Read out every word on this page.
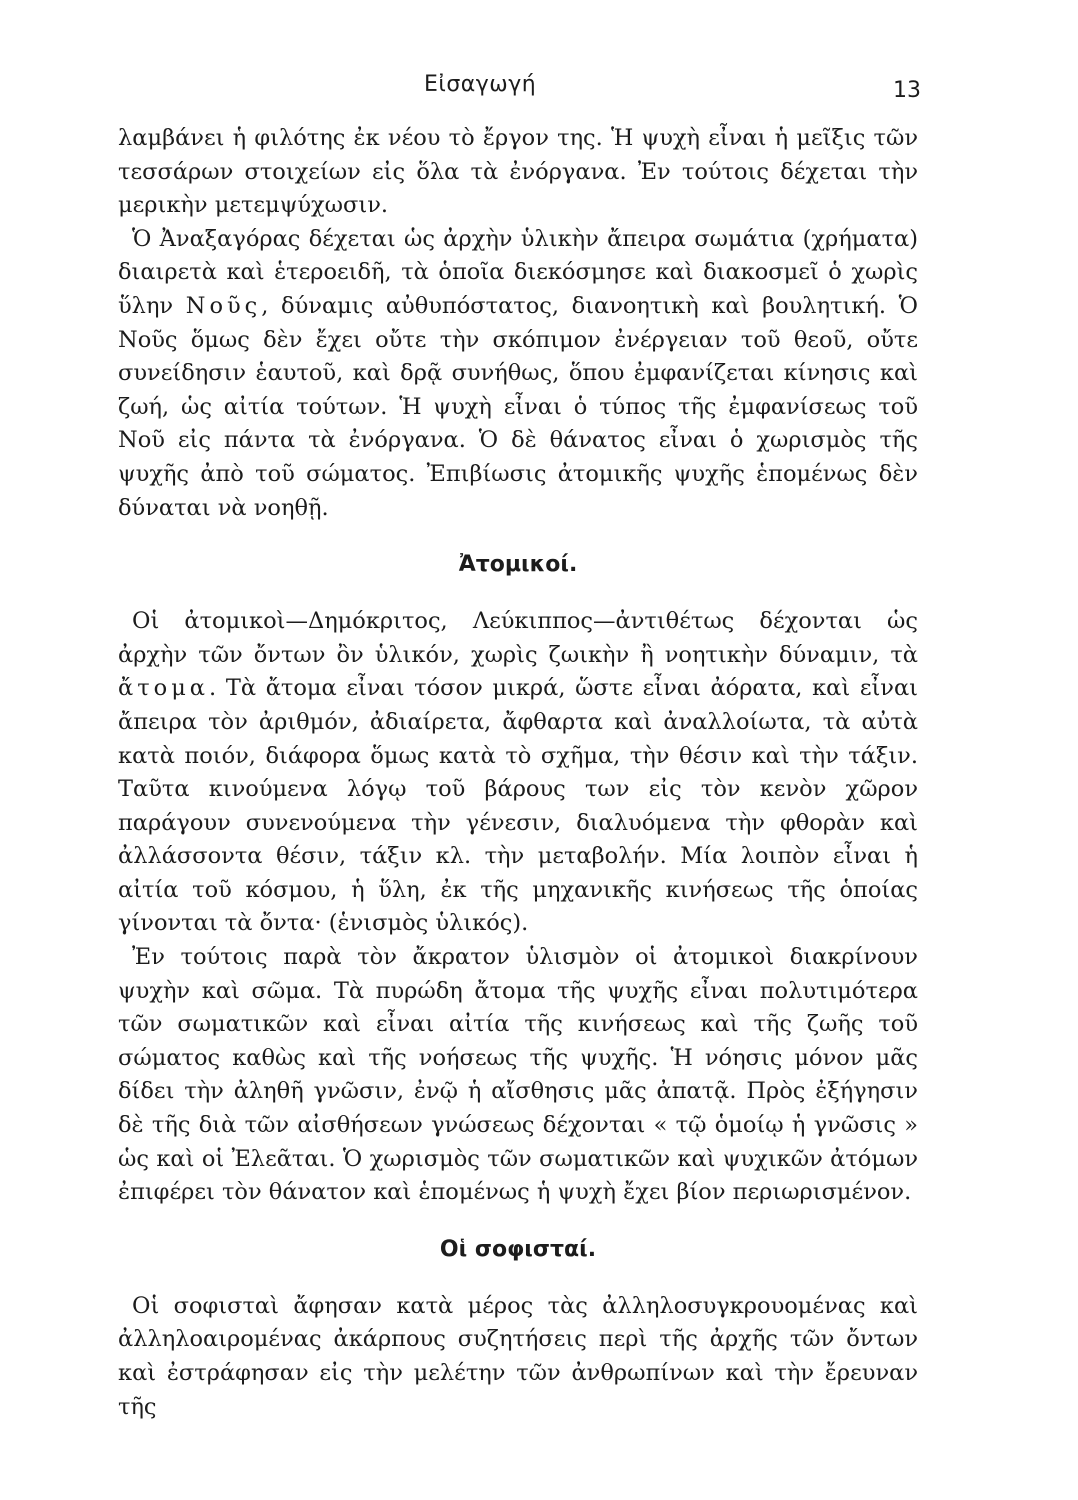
Εἰσαγωγή	13

λαμβάνει ἡ φιλότης ἐκ νέου τὸ ἔργον της. Ἡ ψυχὴ εἶναι ἡ μεῖξις τῶν τεσσάρων στοιχείων εἰς ὅλα τὰ ἐνόργανα. Ἐν τούτοις δέχεται τὴν μερικὴν μετεμψύχωσιν.

Ὁ Ἀναξαγόρας δέχεται ὡς ἀρχὴν ὑλικὴν ἄπειρα σωμάτια (χρήματα) διαιρετὰ καὶ ἑτεροειδῆ, τὰ ὁποῖα διεκόσμησε καὶ διακοσμεῖ ὁ χωρὶς ὕλην Νοῦς, δύναμις αὐθυπόστατος, διανοητικὴ καὶ βουλητική. Ὁ Νοῦς ὅμως δὲν ἔχει οὔτε τὴν σκόπιμον ἐνέργειαν τοῦ θεοῦ, οὔτε συνείδησιν ἑαυτοῦ, καὶ δρᾷ συνήθως, ὅπου ἐμφανίζεται κίνησις καὶ ζωή, ὡς αἰτία τούτων. Ἡ ψυχὴ εἶναι ὁ τύπος τῆς ἐμφανίσεως τοῦ Νοῦ εἰς πάντα τὰ ἐνόργανα. Ὁ δὲ θάνατος εἶναι ὁ χωρισμὸς τῆς ψυχῆς ἀπὸ τοῦ σώματος. Ἐπιβίωσις ἀτομικῆς ψυχῆς ἑπομένως δὲν δύναται νὰ νοηθῇ.

Ἀτομικοί.

Οἱ ἀτομικοὶ—Δημόκριτος, Λεύκιππος—ἀντιθέτως δέχονται ὡς ἀρχὴν τῶν ὄντων ὂν ὑλικόν, χωρὶς ζωικὴν ἢ νοητικὴν δύναμιν, τὰ ἄτομα. Τὰ ἄτομα εἶναι τόσον μικρά, ὥστε εἶναι ἀόρατα, καὶ εἶναι ἄπειρα τὸν ἀριθμόν, ἀδιαίρετα, ἄφθαρτα καὶ ἀναλλοίωτα, τὰ αὐτὰ κατὰ ποιόν, διάφορα ὅμως κατὰ τὸ σχῆμα, τὴν θέσιν καὶ τὴν τάξιν. Ταῦτα κινούμενα λόγῳ τοῦ βάρους των εἰς τὸν κενὸν χῶρον παράγουν συνενούμενα τὴν γένεσιν, διαλυόμενα τὴν φθορὰν καὶ ἀλλάσσοντα θέσιν, τάξιν κλ. τὴν μεταβολήν. Μία λοιπὸν εἶναι ἡ αἰτία τοῦ κόσμου, ἡ ὕλη, ἐκ τῆς μηχανικῆς κινήσεως τῆς ὁποίας γίνονται τὰ ὄντα· (ἑνισμὸς ὑλικός).

Ἐν τούτοις παρὰ τὸν ἄκρατον ὑλισμὸν οἱ ἀτομικοὶ διακρίνουν ψυχὴν καὶ σῶμα. Τὰ πυρώδη ἄτομα τῆς ψυχῆς εἶναι πολυτιμότερα τῶν σωματικῶν καὶ εἶναι αἰτία τῆς κινήσεως καὶ τῆς ζωῆς τοῦ σώματος καθὼς καὶ τῆς νοήσεως τῆς ψυχῆς. Ἡ νόησις μόνον μᾶς δίδει τὴν ἀληθῆ γνῶσιν, ἐνῷ ἡ αἴσθησις μᾶς ἀπατᾷ. Πρὸς ἐξήγησιν δὲ τῆς διὰ τῶν αἰσθήσεων γνώσεως δέχονται « τῷ ὁμοίῳ ἡ γνῶσις » ὡς καὶ οἱ Ἐλεᾶται. Ὁ χωρισμὸς τῶν σωματικῶν καὶ ψυχικῶν ἀτόμων ἐπιφέρει τὸν θάνατον καὶ ἑπομένως ἡ ψυχὴ ἔχει βίον περιωρισμένον.

Οἱ σοφισταί.

Οἱ σοφισταὶ ἄφησαν κατὰ μέρος τὰς ἀλληλοσυγκρουομένας καὶ ἀλληλοαιρομένας ἀκάρπους συζητήσεις περὶ τῆς ἀρχῆς τῶν ὄντων καὶ ἐστράφησαν εἰς τὴν μελέτην τῶν ἀνθρωπίνων καὶ τὴν ἔρευναν τῆς
